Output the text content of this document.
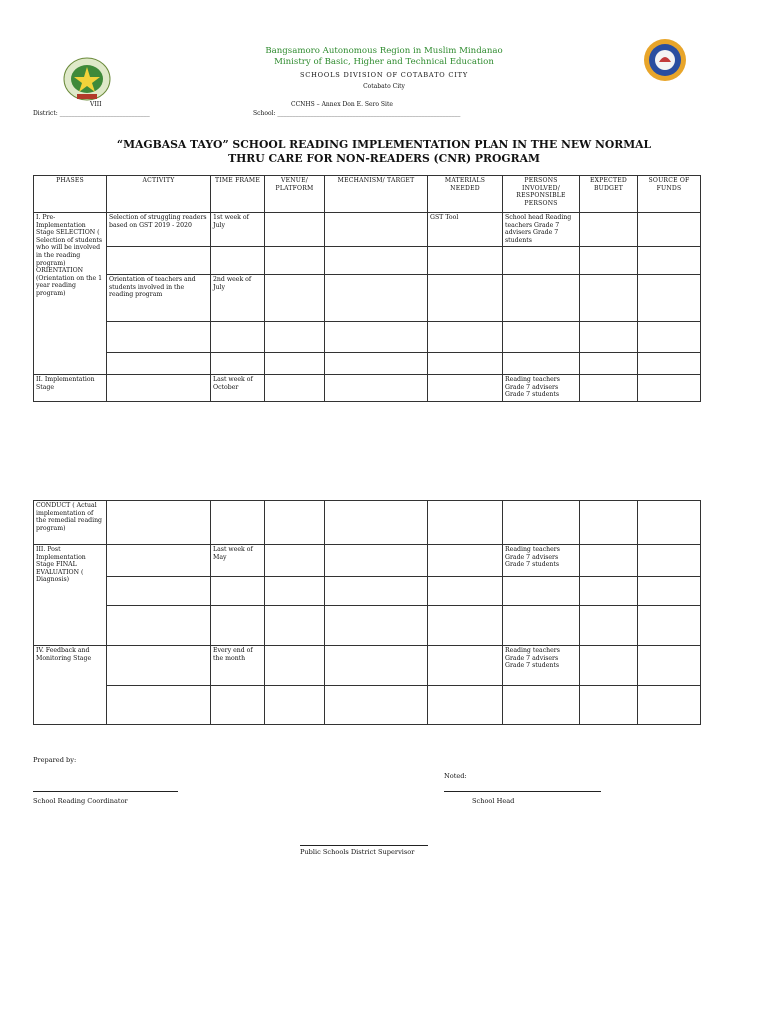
Bangsamoro Autonomous Region in Muslim Mindanao
Ministry of Basic, Higher and Technical Education
SCHOOLS DIVISION OF COTABATO CITY
Cotabato City
VIII	CCNHS – Annex Don E. Sero Site
District: ______________________________	School: _____________________________________________________________
“MAGBASA TAYO” SCHOOL READING IMPLEMENTATION PLAN IN THE NEW NORMAL
THRU CARE FOR NON-READERS (CNR) PROGRAM
PHASES	ACTIVITY	TIME FRAME	VENUE/ PLATFORM	MECHANISM/ TARGET	MATERIALS NEEDED	PERSONS INVOLVED/ RESPONSIBLE PERSONS	EXPECTED BUDGET	SOURCE OF FUNDS
I. Pre-Implementation Stage SELECTION ( Selection of students who will be involved in the reading program) ORIENTATION (Orientation on the 1 year reading program)	Selection of struggling readers based on GST 2019 - 2020	1st week of July			GST Tool	School head Reading teachers Grade 7 advisers Grade 7 students		

	Orientation of teachers and students involved in the reading program	2nd week of July						

II. Implementation Stage		Last week of October				Reading teachers Grade 7 advisers Grade 7 students		
CONDUCT ( Actual implementation of the remedial reading program)								
III. Post Implementation Stage FINAL EVALUATION ( Diagnosis)		Last week of May				Reading teachers Grade 7 advisers Grade 7 students		

IV. Feedback and Monitoring Stage		Every end of the month				Reading teachers Grade 7 advisers Grade 7 students		

Prepared by:
School Reading Coordinator
Noted:
School Head
Public Schools District Supervisor
